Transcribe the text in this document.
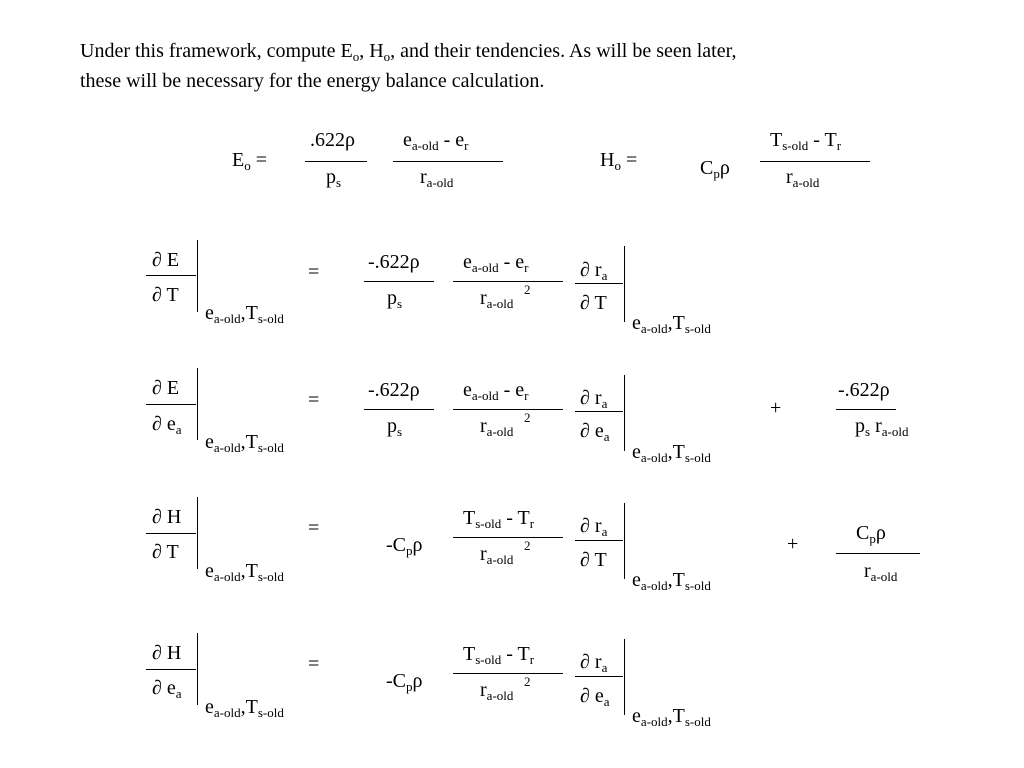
Under this framework, compute $E_o$, $H_o$, and their tendencies. As will be seen later,
these will be necessary for the energy balance calculation.
$E_o$ =
.622ρ
$p_s$
$e_{a-old} - e_r$
$r_{a-old}$
$H_o$ =	$C_p\rho$
$T_{s-old} - T_r$
$r_{a-old}$
∂ E
∂ T
$e_{a-old},T_{s-old}$
= -.622ρ
$p_s$
$e_{a-old} - e_r$
$r_{a-old}$
2
∂ $r_a$
∂ T
$e_{a-old},T_{s-old}$
∂ E
∂ $e_a$
$e_{a-old},T_{s-old}$
= -.622ρ
$p_s$
$e_{a-old} - e_r$
$r_{a-old}$
2
∂ $r_a$
∂ $e_a$
$e_{a-old},T_{s-old}$
+
-.622ρ
$p_s$ $r_{a-old}$
∂ H
∂ T
$e_{a-old},T_{s-old}$
=
$-C_p\rho$
$T_{s-old} - T_r$
$r_{a-old}$
2
∂ $r_a$
∂ T
$e_{a-old},T_{s-old}$
+	$C_p\rho$
$r_{a-old}$
∂ H
∂ $e_a$
$e_{a-old},T_{s-old}$
=
$-C_p\rho$
$T_{s-old} - T_r$
$r_{a-old}$
2
∂ $r_a$
∂ $e_a$
$e_{a-old},T_{s-old}$
